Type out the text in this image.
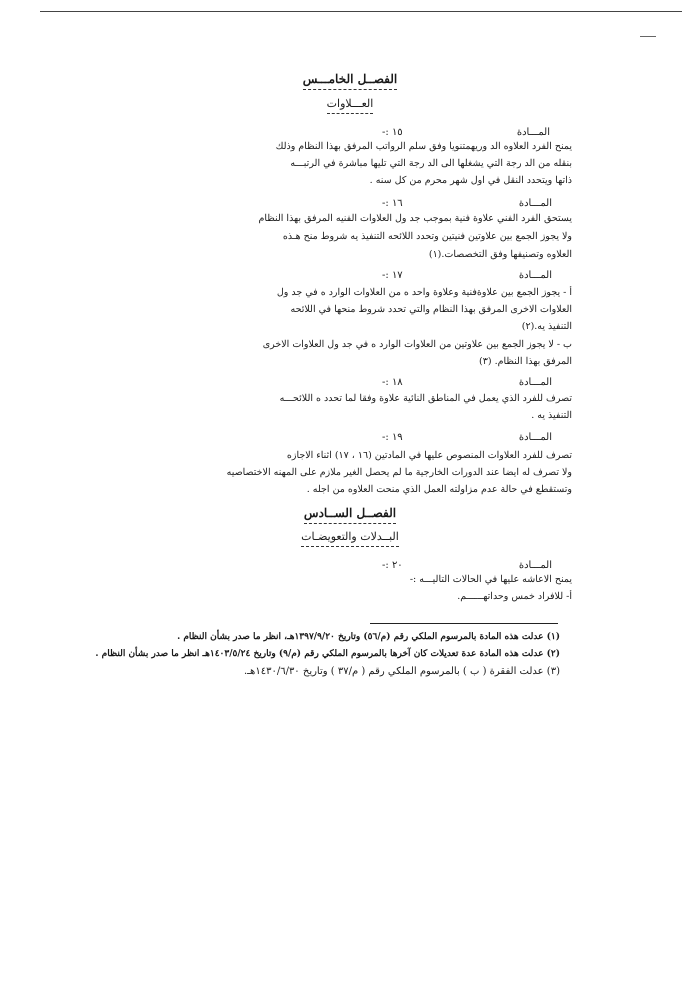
الفصــل الخامـــس
العـــلاوات
المـــادة
١٥ :-
يمنح الفرد العلاوه الد وريهمتنويا وفق سلم الرواتب المرفق بهذا النظام وذلك
بنقله من الد رجة التي يشغلها الى الد رجة التي تليها مباشرة في الرتبـــه
ذاتها ويتحدد النقل في اول شهر محرم من كل سنه .
المـــادة
١٦ :-
يستحق الفرد الفني علاوة فنية بموجب جد ول العلاوات الفنيه المرفق بهذا النظام
ولا يجوز الجمع بين علاوتين فنيتين وتحدد اللائحه التنفيذ يه شروط منح هـذه
العلاوه وتصنيفها وفق التخصصات.(١)
المـــادة
١٧ :-
أ - يجوز الجمع بين علاوةفنية وعلاوة واحد ه من العلاوات الوارد ه في جد ول
العلاوات الاخرى المرفق بهذا النظام والتي تحدد شروط منحها في اللائحه
التنفيذ يه.(٢)
ب - لا يجوز الجمع بين علاوتين من العلاوات الوارد ه في جد ول العلاوات الاخرى
المرفق بهذا النظام. (٣)
المـــادة
١٨ :-
تصرف للفرد الذي يعمل في المناطق النائية علاوة وفقا لما تحدد ه اللائحـــه
التنفيذ يه .
المـــادة
١٩ :-
تصرف للفرد العلاوات المنصوص عليها في المادتين (١٦ ، ١٧) اثناء الاجازه
ولا تصرف له ايضا عند الدورات الخارجية ما لم يحصل الغير ملازم على المهنه الاختصاصيه
وتستقطع في حالة عدم مزاولته العمل الذي منحت العلاوه من اجله .
الفصــل الســادس
البــدلات والتعويضـات
المـــادة
٢٠ :-
يمنح الاعاشه عليها في الحالات التاليـــه :-
أ- للافراد خمس وحداتهــــــم.
(١) عدلت هذه المادة بالمرسوم الملكي رقم (م/٥٦) وتاريخ ١٣٩٧/٩/٢٠هـ، انظر ما صدر بشأن النظام .
(٢) عدلت هذه المادة عدة تعديلات كان آخرها بالمرسوم الملكي رقم (م/٩) وتاريخ ١٤٠٣/٥/٢٤هـ انظر ما صدر بشأن النظام .
(٣) عدلت الفقرة ( ب ) بالمرسوم الملكي رقم ( م/٣٧ ) وتاريخ ١٤٣٠/٦/٣٠هـ.
